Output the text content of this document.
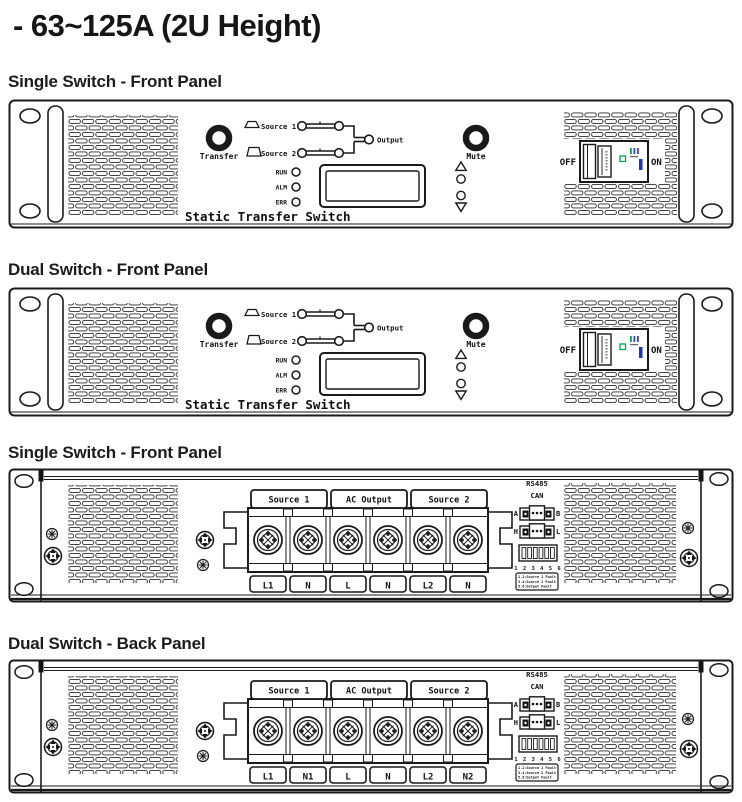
- 63~125A (2U Height)
Single Switch - Front Panel
Dual Switch - Front Panel
Single Switch - Front Panel
Dual Switch - Back Panel
Transfer
Source 1
Source 2
Output
RUN
ALM
ERR
Static Transfer Switch
Mute
OFF	ON
Source 1	AC Output	Source 2
RS485
CAN
A	B
H	L
1 2 3 4 5 6
1.2:Source 1 Fault
3.4:Source 2 Fault
5.6:Output Fault
L1	N	L	N	L2	N
L1	N1	L	N	L2	N2
